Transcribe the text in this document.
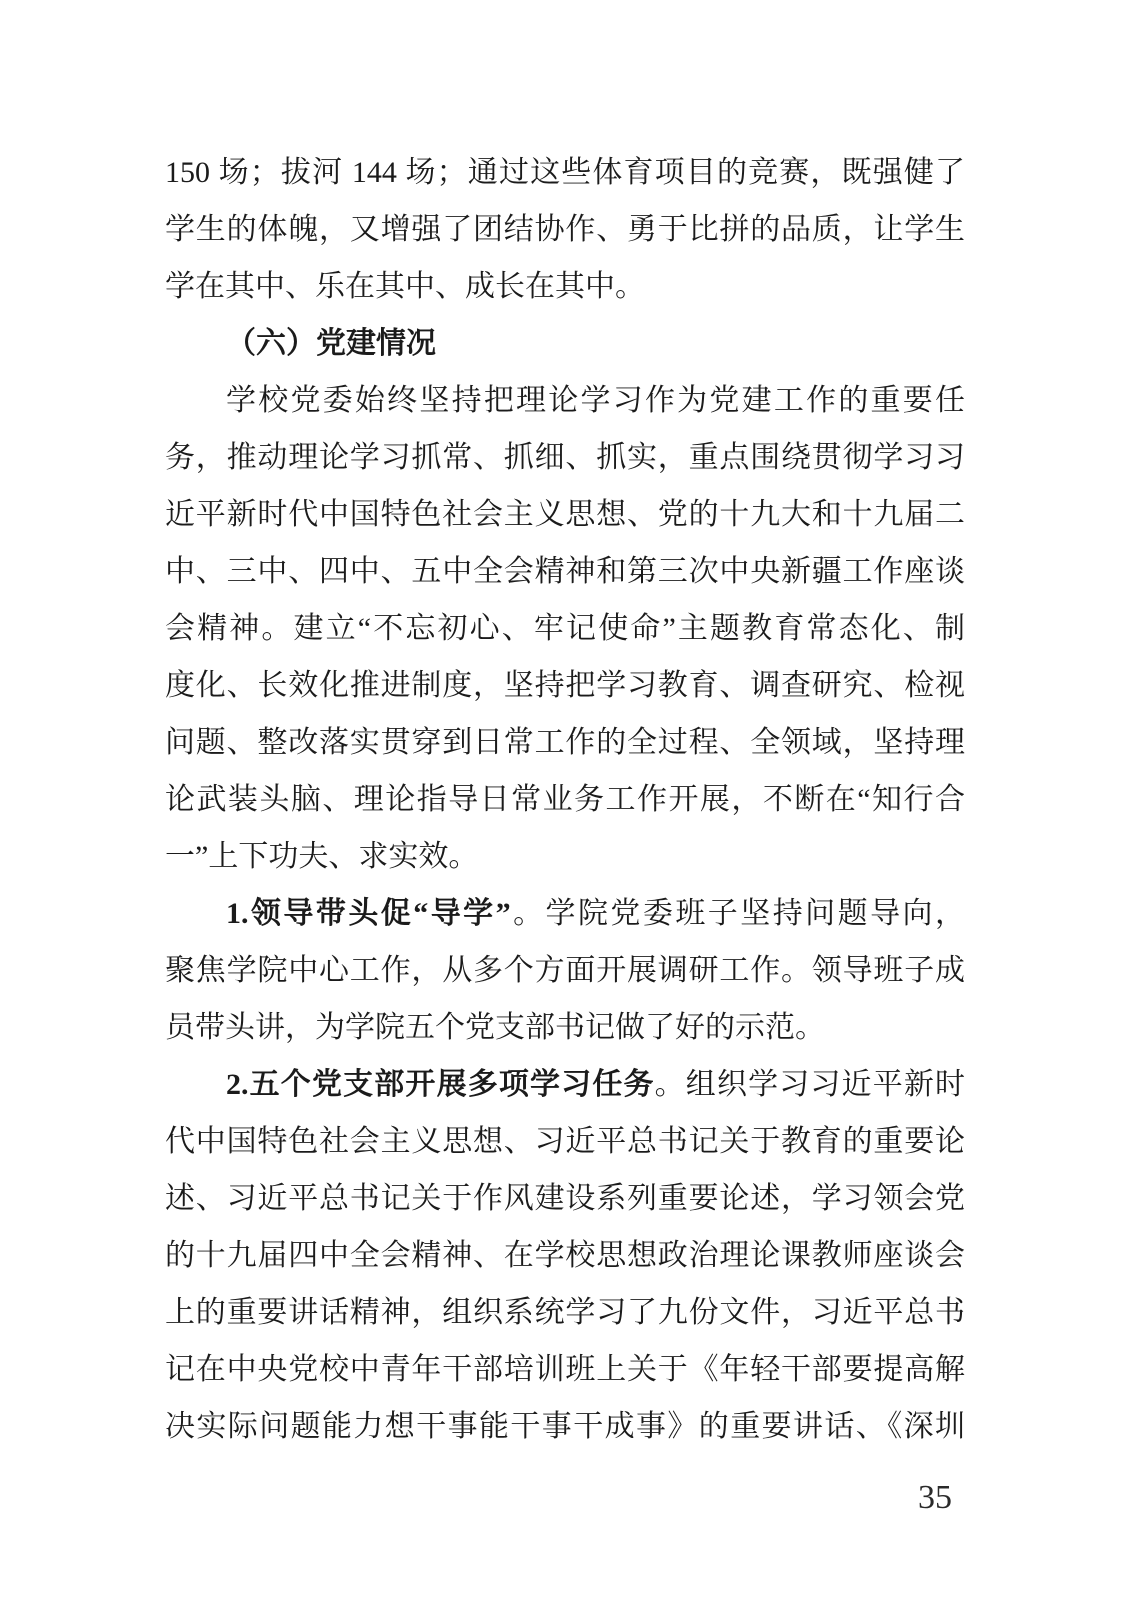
150 场；拔河 144 场；通过这些体育项目的竞赛，既强健了
学生的体魄，又增强了团结协作、勇于比拼的品质，让学生
学在其中、乐在其中、成长在其中。
（六）党建情况
学校党委始终坚持把理论学习作为党建工作的重要任
务，推动理论学习抓常、抓细、抓实，重点围绕贯彻学习习
近平新时代中国特色社会主义思想、党的十九大和十九届二
中、三中、四中、五中全会精神和第三次中央新疆工作座谈
会精神。建立“不忘初心、牢记使命”主题教育常态化、制
度化、长效化推进制度，坚持把学习教育、调查研究、检视
问题、整改落实贯穿到日常工作的全过程、全领域，坚持理
论武装头脑、理论指导日常业务工作开展，不断在“知行合
一”上下功夫、求实效。
1.领导带头促“导学”。学院党委班子坚持问题导向，
聚焦学院中心工作，从多个方面开展调研工作。领导班子成
员带头讲，为学院五个党支部书记做了好的示范。
2.五个党支部开展多项学习任务。组织学习习近平新时
代中国特色社会主义思想、习近平总书记关于教育的重要论
述、习近平总书记关于作风建设系列重要论述，学习领会党
的十九届四中全会精神、在学校思想政治理论课教师座谈会
上的重要讲话精神，组织系统学习了九份文件，习近平总书
记在中央党校中青年干部培训班上关于《年轻干部要提高解
决实际问题能力想干事能干事干成事》的重要讲话、《深圳
35
